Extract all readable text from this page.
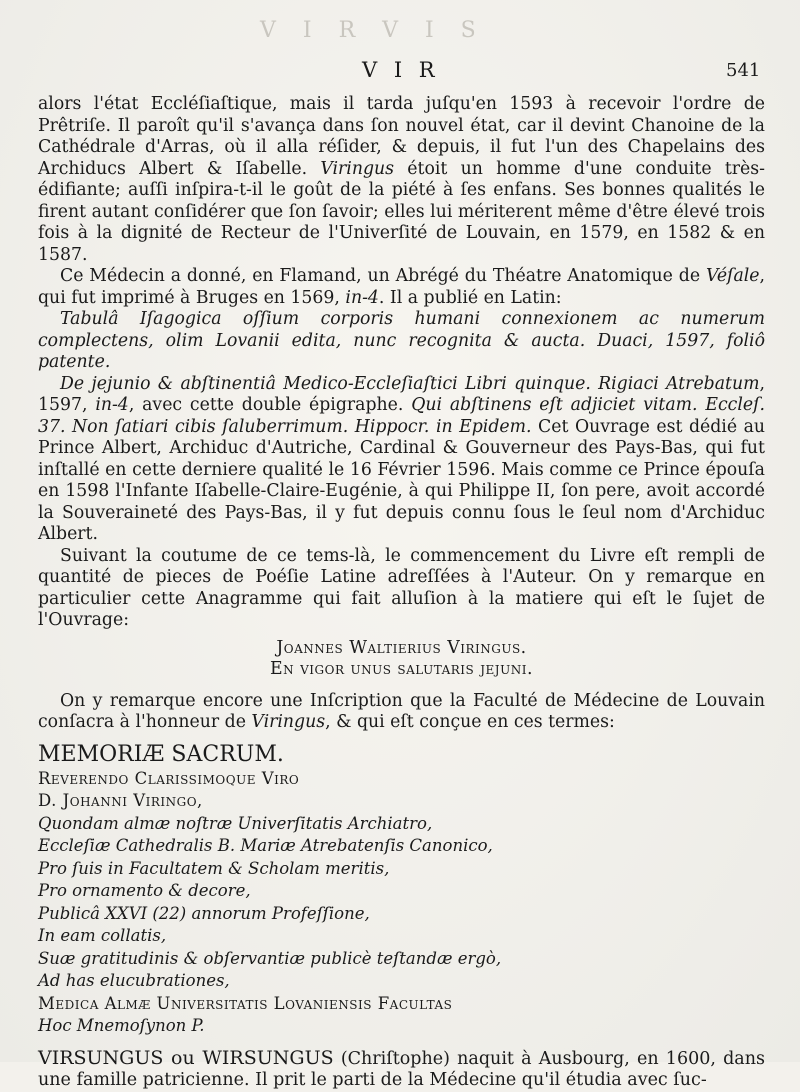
V I R V I S
V I R	541

alors l'état Eccléſiaſtique, mais il tarda juſqu'en 1593 à recevoir l'ordre de Prêtriſe. Il paroît qu'il s'avança dans ſon nouvel état, car il devint Chanoine de la Cathédrale d'Arras, où il alla réſider, & depuis, il fut l'un des Chapelains des Archiducs Albert & Iſabelle. Viringus étoit un homme d'une conduite très-édifiante; auſſi inſpira-t-il le goût de la piété à ſes enfans. Ses bonnes qualités le firent autant conſidérer que ſon ſavoir; elles lui mériterent même d'être élevé trois fois à la dignité de Recteur de l'Univerſité de Louvain, en 1579, en 1582 & en 1587.

Ce Médecin a donné, en Flamand, un Abrégé du Théatre Anatomique de Véſale, qui fut imprimé à Bruges en 1569, in-4. Il a publié en Latin:

Tabulâ Iſagogica oſſium corporis humani connexionem ac numerum complectens, olim Lovanii edita, nunc recognita & aucta. Duaci, 1597, foliô patente.

De jejunio & abſtinentiâ Medico-Eccleſiaſtici Libri quinque. Rigiaci Atrebatum, 1597, in-4, avec cette double épigraphe. Qui abſtinens eſt adjiciet vitam. Eccleſ. 37. Non ſatiari cibis ſaluberrimum. Hippocr. in Epidem. Cet Ouvrage est dédié au Prince Albert, Archiduc d'Autriche, Cardinal & Gouverneur des Pays-Bas, qui fut inſtallé en cette derniere qualité le 16 Février 1596. Mais comme ce Prince épouſa en 1598 l'Infante Iſabelle-Claire-Eugénie, à qui Philippe II, ſon pere, avoit accordé la Souveraineté des Pays-Bas, il y fut depuis connu ſous le ſeul nom d'Archiduc Albert.

Suivant la coutume de ce tems-là, le commencement du Livre eſt rempli de quantité de pieces de Poéſie Latine adreſſées à l'Auteur. On y remarque en particulier cette Anagramme qui fait alluſion à la matiere qui eſt le ſujet de l'Ouvrage:

Joannes Waltierius Viringus.

En vigor unus salutaris jejuni.

On y remarque encore une Inſcription que la Faculté de Médecine de Louvain conſacra à l'honneur de Viringus, & qui eſt conçue en ces termes:

MEMORIÆ SACRUM.

Reverendo Clarissimoque Viro

D. Johanni Viringo,

Quondam almæ noſtræ Univerſitatis Archiatro,

Eccleſiæ Cathedralis B. Mariæ Atrebatenſis Canonico,

Pro ſuis in Facultatem & Scholam meritis,

Pro ornamento & decore,

Publicâ XXVI (22) annorum Profeſſione,

In eam collatis,

Suæ gratitudinis & obſervantiæ publicè teſtandæ ergò,

Ad has elucubrationes,

Medica Almæ Universitatis Lovaniensis Facultas

Hoc Mnemoſynon P.

VIRSUNGUS ou WIRSUNGUS (Chriſtophe) naquit à Ausbourg, en 1600, dans une famille patricienne. Il prit le parti de la Médecine qu'il étudia avec ſuc-
